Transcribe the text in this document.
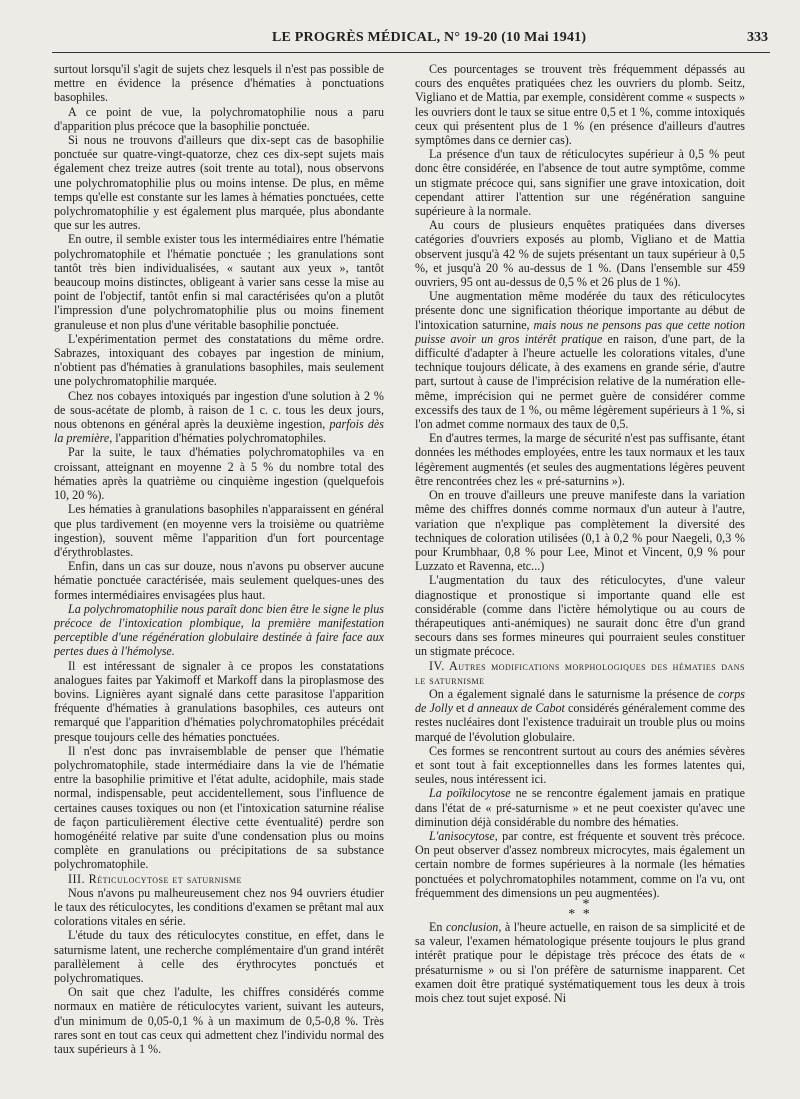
LE PROGRÈS MÉDICAL, N° 19-20 (10 Mai 1941)	333

surtout lorsqu'il s'agit de sujets chez lesquels il n'est pas possible de mettre en évidence la présence d'hématies à ponctuations basophiles.

A ce point de vue, la polychromatophilie nous a paru d'apparition plus précoce que la basophilie ponctuée.

Si nous ne trouvons d'ailleurs que dix-sept cas de basophilie ponctuée sur quatre-vingt-quatorze, chez ces dix-sept sujets mais également chez treize autres (soit trente au total), nous observons une polychromatophilie plus ou moins intense. De plus, en même temps qu'elle est constante sur les lames à hématies ponctuées, cette polychromatophilie y est également plus marquée, plus abondante que sur les autres.

En outre, il semble exister tous les intermédiaires entre l'hématie polychromatophile et l'hématie ponctuée ; les granulations sont tantôt très bien individualisées, « sautant aux yeux », tantôt beaucoup moins distinctes, obligeant à varier sans cesse la mise au point de l'objectif, tantôt enfin si mal caractérisées qu'on a plutôt l'impression d'une polychromatophilie plus ou moins finement granuleuse et non plus d'une véritable basophilie ponctuée.

L'expérimentation permet des constatations du même ordre. Sabrazes, intoxiquant des cobayes par ingestion de minium, n'obtient pas d'hématies à granulations basophiles, mais seulement une polychromatophilie marquée.

Chez nos cobayes intoxiqués par ingestion d'une solution à 2 % de sous-acétate de plomb, à raison de 1 c. c. tous les deux jours, nous obtenons en général après la deuxième ingestion, parfois dès la première, l'apparition d'hématies polychromatophiles.

Par la suite, le taux d'hématies polychromatophiles va en croissant, atteignant en moyenne 2 à 5 % du nombre total des hématies après la quatrième ou cinquième ingestion (quelquefois 10, 20 %).

Les hématies à granulations basophiles n'apparaissent en général que plus tardivement (en moyenne vers la troisième ou quatrième ingestion), souvent même l'apparition d'un fort pourcentage d'érythroblastes.

Enfin, dans un cas sur douze, nous n'avons pu observer aucune hématie ponctuée caractérisée, mais seulement quelques-unes des formes intermédiaires envisagées plus haut.

La polychromatophilie nous paraît donc bien être le signe le plus précoce de l'intoxication plombique, la première manifestation perceptible d'une régénération globulaire destinée à faire face aux pertes dues à l'hémolyse.

Il est intéressant de signaler à ce propos les constatations analogues faites par Yakimoff et Markoff dans la piroplasmose des bovins. Lignières ayant signalé dans cette parasitose l'apparition fréquente d'hématies à granulations basophiles, ces auteurs ont remarqué que l'apparition d'hématies polychromatophiles précédait presque toujours celle des hématies ponctuées.

Il n'est donc pas invraisemblable de penser que l'hématie polychromatophile, stade intermédiaire dans la vie de l'hématie entre la basophilie primitive et l'état adulte, acidophile, mais stade normal, indispensable, peut accidentellement, sous l'influence de certaines causes toxiques ou non (et l'intoxication saturnine réalise de façon particulièrement élective cette éventualité) perdre son homogénéité relative par suite d'une condensation plus ou moins complète en granulations ou précipitations de sa substance polychromatophile.

III. Réticulocytose et saturnisme

Nous n'avons pu malheureusement chez nos 94 ouvriers étudier le taux des réticulocytes, les conditions d'examen se prêtant mal aux colorations vitales en série.

L'étude du taux des réticulocytes constitue, en effet, dans le saturnisme latent, une recherche complémentaire d'un grand intérêt parallèlement à celle des érythrocytes ponctués et polychromatiques.

On sait que chez l'adulte, les chiffres considérés comme normaux en matière de réticulocytes varient, suivant les auteurs, d'un minimum de 0,05-0,1 % à un maximum de 0,5-0,8 %. Très rares sont en tout cas ceux qui admettent chez l'individu normal des taux supérieurs à 1 %.

Ces pourcentages se trouvent très fréquemment dépassés au cours des enquêtes pratiquées chez les ouvriers du plomb. Seitz, Vigliano et de Mattia, par exemple, considèrent comme « suspects » les ouvriers dont le taux se situe entre 0,5 et 1 %, comme intoxiqués ceux qui présentent plus de 1 % (en présence d'ailleurs d'autres symptômes dans ce dernier cas).

La présence d'un taux de réticulocytes supérieur à 0,5 % peut donc être considérée, en l'absence de tout autre symptôme, comme un stigmate précoce qui, sans signifier une grave intoxication, doit cependant attirer l'attention sur une régénération sanguine supérieure à la normale.

Au cours de plusieurs enquêtes pratiquées dans diverses catégories d'ouvriers exposés au plomb, Vigliano et de Mattia observent jusqu'à 42 % de sujets présentant un taux supérieur à 0,5 %, et jusqu'à 20 % au-dessus de 1 %. (Dans l'ensemble sur 459 ouvriers, 95 ont au-dessus de 0,5 % et 26 plus de 1 %).

Une augmentation même modérée du taux des réticulocytes présente donc une signification théorique importante au début de l'intoxication saturnine, mais nous ne pensons pas que cette notion puisse avoir un gros intérêt pratique en raison, d'une part, de la difficulté d'adapter à l'heure actuelle les colorations vitales, d'une technique toujours délicate, à des examens en grande série, d'autre part, surtout à cause de l'imprécision relative de la numération elle-même, imprécision qui ne permet guère de considérer comme excessifs des taux de 1 %, ou même légèrement supérieurs à 1 %, si l'on admet comme normaux des taux de 0,5.

En d'autres termes, la marge de sécurité n'est pas suffisante, étant données les méthodes employées, entre les taux normaux et les taux légèrement augmentés (et seules des augmentations légères peuvent être rencontrées chez les « pré-saturnins »).

On en trouve d'ailleurs une preuve manifeste dans la variation même des chiffres donnés comme normaux d'un auteur à l'autre, variation que n'explique pas complètement la diversité des techniques de coloration utilisées (0,1 à 0,2 % pour Naegeli, 0,3 % pour Krumbhaar, 0,8 % pour Lee, Minot et Vincent, 0,9 % pour Luzzato et Ravenna, etc...)

L'augmentation du taux des réticulocytes, d'une valeur diagnostique et pronostique si importante quand elle est considérable (comme dans l'ictère hémolytique ou au cours de thérapeutiques anti-anémiques) ne saurait donc être d'un grand secours dans ses formes mineures qui pourraient seules constituer un stigmate précoce.

IV. Autres modifications morphologiques des hématies dans le saturnisme

On a également signalé dans le saturnisme la présence de corps de Jolly et d anneaux de Cabot considérés généralement comme des restes nucléaires dont l'existence traduirait un trouble plus ou moins marqué de l'évolution globulaire.

Ces formes se rencontrent surtout au cours des anémies sévères et sont tout à fait exceptionnelles dans les formes latentes qui, seules, nous intéressent ici.

La poïkilocytose ne se rencontre également jamais en pratique dans l'état de « pré-saturnisme » et ne peut coexister qu'avec une diminution déjà considérable du nombre des hématies.

L'anisocytose, par contre, est fréquente et souvent très précoce. On peut observer d'assez nombreux microcytes, mais également un certain nombre de formes supérieures à la normale (les hématies ponctuées et polychromatophiles notamment, comme on l'a vu, ont fréquemment des dimensions un peu augmentées).

*
* *

En conclusion, à l'heure actuelle, en raison de sa simplicité et de sa valeur, l'examen hématologique présente toujours le plus grand intérêt pratique pour le dépistage très précoce des états de « présaturnisme » ou si l'on préfère de saturnisme inapparent. Cet examen doit être pratiqué systématiquement tous les deux à trois mois chez tout sujet exposé. Ni
